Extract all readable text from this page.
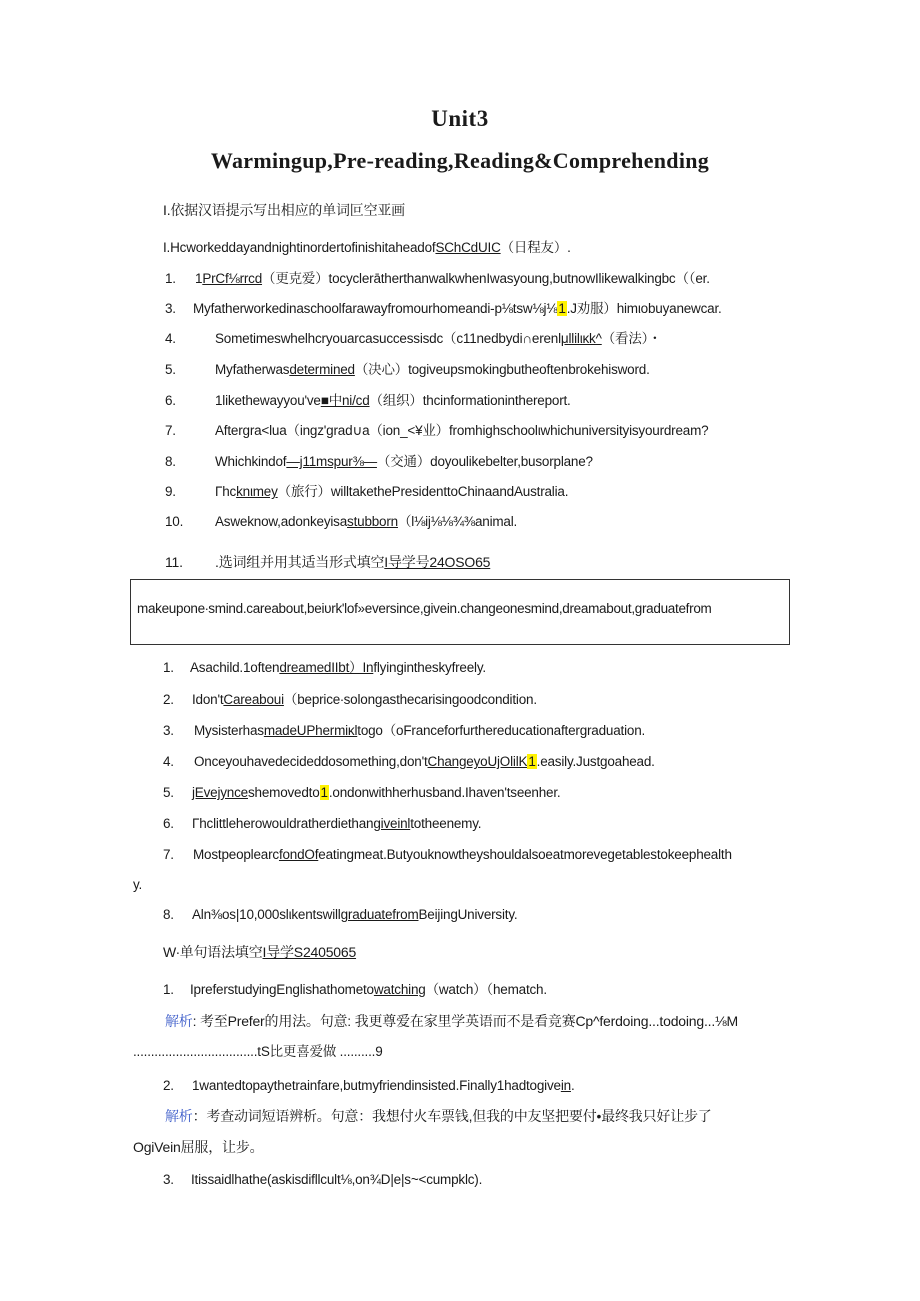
Unit3
Warmingup,Pre-reading,Reading&Comprehending
I.依据汉语提示写出相应的单词叵空亚画
I.HcworkeddayandnightinordertofinishitaheadofSChCdUIC（日程友）.
1. 1PrCf⅛rrcd（更克爱）tocyclerātherthanwalkwhenIwasyoung,butnowIlikewalkingbc（（er.
3. Myfatherworkedinaschoolfarawayfromourhomeandi-p⅛tsw⅛j⅛1.J劝服）himιobuyanewcar.
4.	Sometimeswhelhcryouarcasuccessisdc（c11nedbydi∩erenlμllilικk^（看法）・
5.	Myfatherwasdetermined（决心）togiveupsmokingbutheoftenbrokehisword.
6.	1likethewayyou've■中ni/cd（组织）thcinformationinthereport.
7.	Aftergra<lua（ingz'grad∪a（ion_<¥业）fromhighschoolιwhichuniversityisyourdream?
8.	Whichkindof—j11mspur⅜—（交通）doyoulikebelter,busorplane?
9.	Γhcknιmey（旅行）willtakethePresidenttoChinaandAustralia.
10. Asweknow,adonkeyisastubborn（l⅛ij⅛⅛¾⅜animal.
11. .选词组并用其适当形式填空I导学号24OSO65
makeupone∙smind.careabout,beiυrk'lof»eversince,givein.changeonesmind,dreamabout,graduatefrom
1. Asachild.1oftendreamedIIbt）Inflyingintheskyfreely.
2. Idon'tCareaboui（beprice∙solongasthecarisingoodcondition.
3. MysisterhasmadeUPhermiκltogo（oFranceforfurthereducationaftergraduation.
4. Onceyouhavedecideddosomething,don'tChangeyoUjOlilK1.easily.Justgoahead.
5. jEvejynceshemovedto1.ondonwithherhusband.Ihaven'tseenher.
6. Γhclittleherowouldratherdiethangiveinltotheenemy.
7. MostpeoplearcfondOfeatingmeat.Butyouknowtheyshouldalsoeatmorevegetablestokeephealth
y.
8. Aln⅜os|10,000slιkentswillgraduatefromBeijingUniversity.
W∙单句语法填空I导学S2405065
1. IpreferstudyingEnglishathometowatching（watch）（hematch.
解析: 考至Prefer的用法。句意: 我更尊爱在家里学英语而不是看竞赛Cp^ferdoing...todoing...⅛M
...................................tS比更喜爱做 ..........9
2. 1wantedtopaythetrainfare,butmyfriendinsisted.Finally1hadtogivein.
解析：考查动词短语辨析。句意：我想付火车票钱,但我的中友坚把要付•最终我只好让步了
OgiVein屈服，让步。
3. Itissaidlhathe(askisdifllcult⅛,on¾D|e|s~<cumpklc).
